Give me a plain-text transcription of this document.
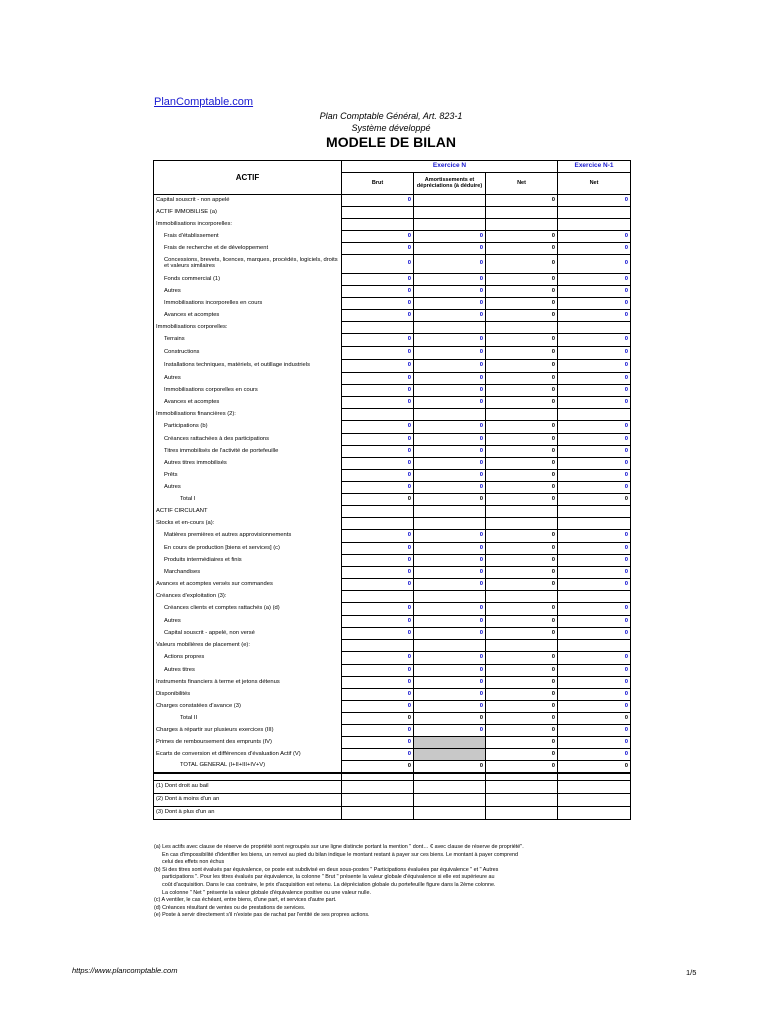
PlanComptable.com
Plan Comptable Général, Art. 823-1
Système développé
MODELE DE BILAN
ACTIF	Exercice N			Exercice N-1
	Brut	Amortissements et dépréciations (à déduire)	Net	Net
Capital souscrit - non appelé	0		0	0
ACTIF IMMOBILISE (a)				
Immobilisations incorporelles:				
Frais d'établissement	0	0	0	0
Frais de recherche et de développement	0	0	0	0
Concessions, brevets, licences, marques, procédés, logiciels, droits et valeurs similaires	0	0	0	0
Fonds commercial (1)	0	0	0	0
Autres	0	0	0	0
Immobilisations incorporelles en cours	0	0	0	0
Avances et acomptes	0	0	0	0
Immobilisations corporelles:				
Terrains	0	0	0	0
Constructions	0	0	0	0
Installations techniques, matériels, et outillage industriels	0	0	0	0
Autres	0	0	0	0
Immobilisations corporelles en cours	0	0	0	0
Avances et acomptes	0	0	0	0
Immobilisations financières (2):				
Participations (b)	0	0	0	0
Créances rattachées à des participations	0	0	0	0
Titres immobilisés de l'activité de portefeuille	0	0	0	0
Autres titres immobilisés	0	0	0	0
Prêts	0	0	0	0
Autres	0	0	0	0
Total I	0	0	0	0
ACTIF CIRCULANT				
Stocks et en-cours (a):				
Matières premières et autres approvisionnements	0	0	0	0
En cours de production [biens et services] (c)	0	0	0	0
Produits intermédiaires et finis	0	0	0	0
Marchandises	0	0	0	0
Avances et acomptes versés sur commandes	0	0	0	0
Créances d'exploitation (3):				
Créances clients et comptes rattachés (a) (d)	0	0	0	0
Autres	0	0	0	0
Capital souscrit - appelé, non versé	0	0	0	0
Valeurs mobilières de placement (e):				
Actions propres	0	0	0	0
Autres titres	0	0	0	0
Instruments financiers à terme et jetons détenus	0	0	0	0
Disponibilités	0	0	0	0
Charges constatées d'avance (3)	0	0	0	0
Total II	0	0	0	0
Charges à répartir sur plusieurs exercices (III)	0	0	0	0
Primes de remboursement des emprunts (IV)	0		0	0
Ecarts de conversion et différences d'évaluation Actif (V)	0		0	0
TOTAL GENERAL (I+II+III+IV+V)	0	0	0	0

(1) Dont droit au bail				
(2) Dont à moins d'un an				
(3) Dont à plus d'un an				
(a) Les actifs avec clause de réserve de propriété sont regroupés sur une ligne distincte portant la mention " dont… € avec clause de réserve de propriété".
En cas d'impossibilité d'identifier les biens, un renvoi au pied du bilan indique le montant restant à payer sur ces biens. Le montant à payer comprend
celui des effets non échus
(b) Si des titres sont évalués par équivalence, ce poste est subdivisé en deux sous-postes " Participations évaluées par équivalence " et " Autres
participations ". Pour les titres évalués par équivalence, la colonne " Brut " présente la valeur globale d'équivalence si elle est supérieure au
coût d'acquisition. Dans le cas contraire, le prix d'acquisition est retenu. La dépréciation globale du portefeuille figure dans la 2ème colonne.
La colonne " Net " présente la valeur globale d'équivalence positive ou une valeur nulle.
(c) A ventiler, le cas échéant, entre biens, d'une part, et services d'autre part.
(d) Créances résultant de ventes ou de prestations de services.
(e) Poste à servir directement s'il n'existe pas de rachat par l'entité de ses propres actions.
https://www.plancomptable.com	1/5
